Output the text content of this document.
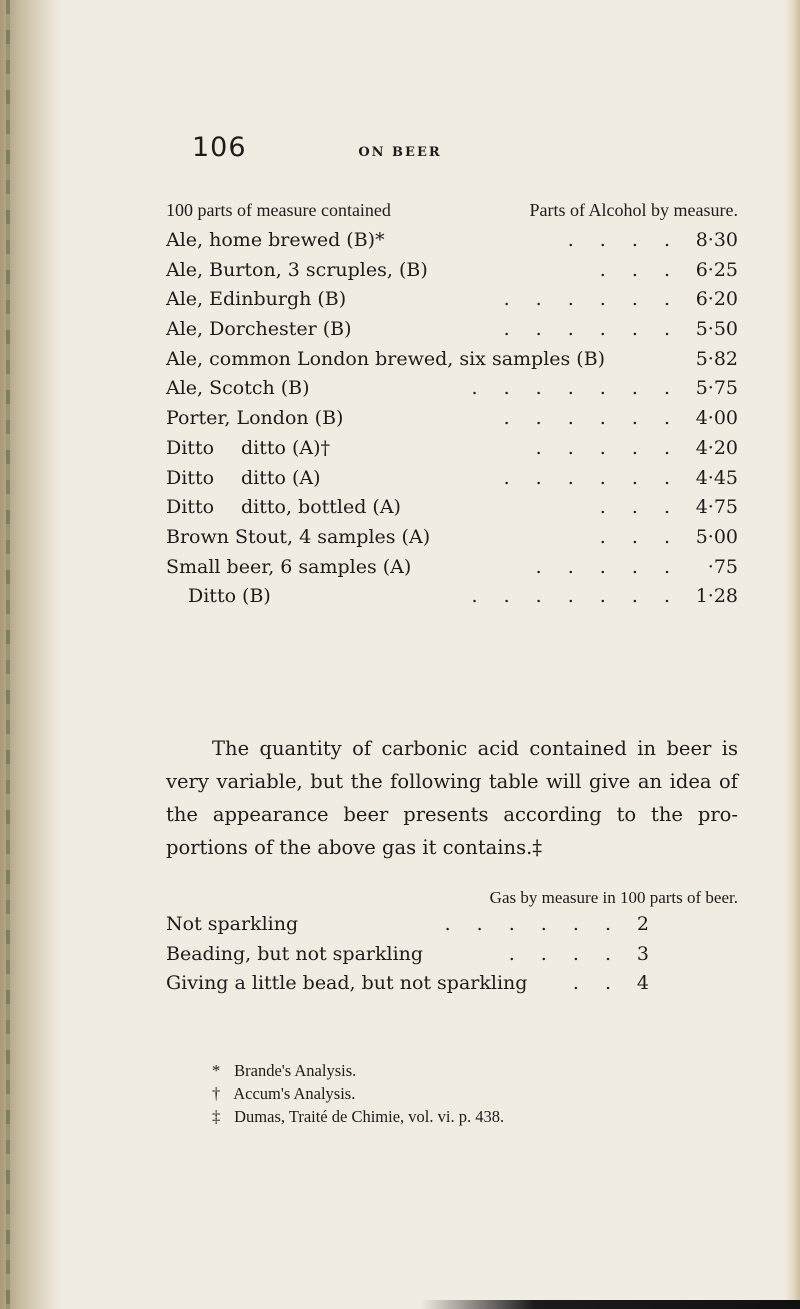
106	ON BEER
100 parts of measure contained	Parts of Alcohol by measure.
Ale, home brewed (B)*	. . . . 8·30
Ale, Burton, 3 scruples, (B)	. . . 6·25
Ale, Edinburgh (B)	. . . . . . 6·20
Ale, Dorchester (B)	. . . . . . 5·50
Ale, common London brewed, six samples (B)	5·82
Ale, Scotch (B)	. . . . . . . 5·75
Porter, London (B)	. . . . . . 4·00
Ditto ditto (A)†	. . . . . 4·20
Ditto ditto (A)	. . . . . . 4·45
Ditto ditto, bottled (A)	. . . 4·75
Brown Stout, 4 samples (A)	. . . 5·00
Small beer, 6 samples (A)	. . . . .	·75
Ditto (B)	. . . . . . . 1·28

The quantity of carbonic acid contained in beer is very variable, but the following table will give an idea of the appearance beer presents according to the pro-portions of the above gas it contains.‡

Gas by measure in 100 parts of beer.
Not sparkling	. . . . . . 2
Beading, but not sparkling	. . . . 3
Giving a little bead, but not sparkling	. . 4
* Brande's Analysis.
† Accum's Analysis.
‡ Dumas, Traité de Chimie, vol. vi. p. 438.
